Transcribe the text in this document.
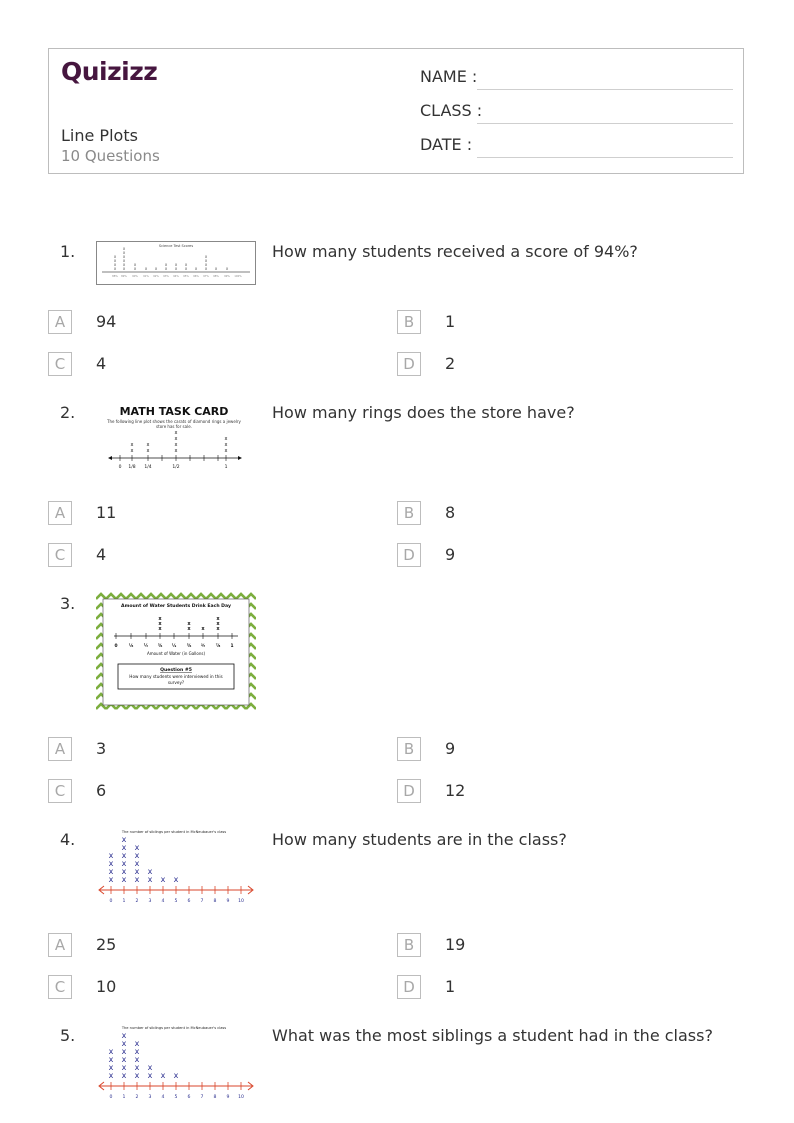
Quizizz
Line Plots
10 Questions
NAME :
CLASS :
DATE :
1.	Science Test Scores
x
x
x
x
x
x
x
x
x
x
x
x
x x x
x
x
x
x
x
x x
x
x
x
x x
88% 89% 90% 91% 92% 93% 94% 95% 96% 97% 98% 99% 100%
How many students received a score of 94%?
A	94	B	1
C	4	D	2
2.	MATH TASK CARD
The following line plot shows the carats of diamond rings a jewelry
store has for sale.
x
x
x
x
x
x
x
x
x
x
x
0 1/8 1/4	1/2	1
How many rings does the store have?
A	11	B	8
C	4	D	9
3.	Amount of Water Students Drink Each Day
x
x
x
x
x x
x
x
x
0	⅛ ¼ ⅜ ½ ⅝ ¾ ⅞ 1
Amount of Water (in Gallons)
Question #5
How many students were interviewed in this
survey?
A	3	B	9
C	6	D	12
4.	The number of siblings per student in McNeubauer's class
x
x
x
x
x
x
x
x
x
x
x
x
x
x
x
x
x
x x
0 1 2 3 4 5 6 7 8 9 10
How many students are in the class?
A	25	B	19
C	10	D	1
5.	The number of siblings per student in McNeubauer's class
x
x
x
x
x
x
x
x
x
x
x
x
x
x
x
x
x
x x
0 1 2 3 4 5 6 7 8 9 10
What was the most siblings a student had in the class?
